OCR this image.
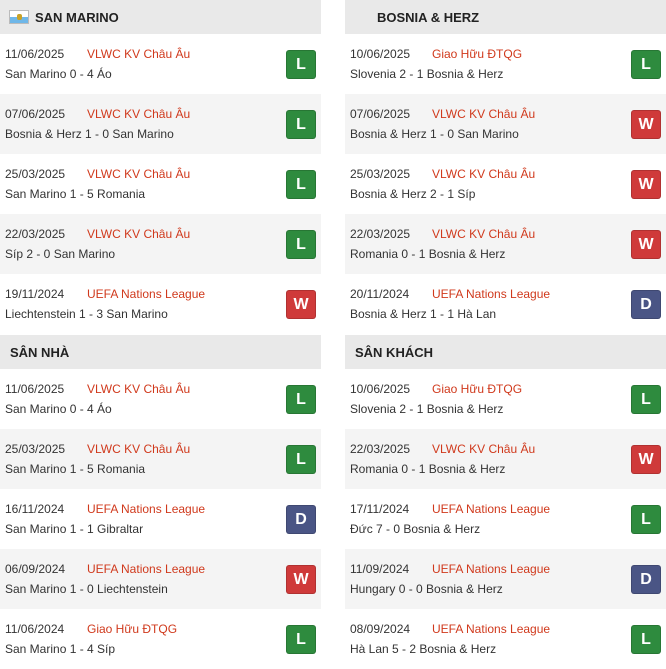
SAN MARINO
11/06/2025 VLWC KV Châu Âu
San Marino 0 - 4 Áo
L
07/06/2025 VLWC KV Châu Âu
Bosnia & Herz 1 - 0 San Marino
L
25/03/2025 VLWC KV Châu Âu
San Marino 1 - 5 Romania
L
22/03/2025 VLWC KV Châu Âu
Síp 2 - 0 San Marino
L
19/11/2024 UEFA Nations League
Liechtenstein 1 - 3 San Marino
W
SÂN NHÀ
11/06/2025 VLWC KV Châu Âu
San Marino 0 - 4 Áo
L
25/03/2025 VLWC KV Châu Âu
San Marino 1 - 5 Romania
L
16/11/2024 UEFA Nations League
San Marino 1 - 1 Gibraltar
D
06/09/2024 UEFA Nations League
San Marino 1 - 0 Liechtenstein
W
11/06/2024 Giao Hữu ĐTQG
San Marino 1 - 4 Síp
L
BOSNIA & HERZ
10/06/2025 Giao Hữu ĐTQG
Slovenia 2 - 1 Bosnia & Herz
L
07/06/2025 VLWC KV Châu Âu
Bosnia & Herz 1 - 0 San Marino
W
25/03/2025 VLWC KV Châu Âu
Bosnia & Herz 2 - 1 Síp
W
22/03/2025 VLWC KV Châu Âu
Romania 0 - 1 Bosnia & Herz
W
20/11/2024 UEFA Nations League
Bosnia & Herz 1 - 1 Hà Lan
D
SÂN KHÁCH
10/06/2025 Giao Hữu ĐTQG
Slovenia 2 - 1 Bosnia & Herz
L
22/03/2025 VLWC KV Châu Âu
Romania 0 - 1 Bosnia & Herz
W
17/11/2024 UEFA Nations League
Đức 7 - 0 Bosnia & Herz
L
11/09/2024 UEFA Nations League
Hungary 0 - 0 Bosnia & Herz
D
08/09/2024 UEFA Nations League
Hà Lan 5 - 2 Bosnia & Herz
L
